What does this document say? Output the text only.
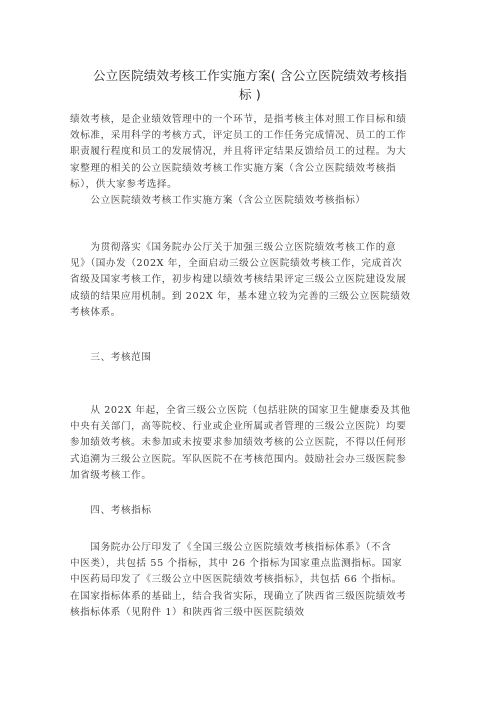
公立医院绩效考核工作实施方案( 含公立医院绩效考核指
标 )
绩效考核，是企业绩效管理中的一个环节，是指考核主体对照工作目标和绩
效标准，采用科学的考核方式，评定员工的工作任务完成情况、员工的工作
职责履行程度和员工的发展情况，并且将评定结果反馈给员工的过程。为大
家整理的相关的公立医院绩效考核工作实施方案（含公立医院绩效考核指
标），供大家参考选择。
　　公立医院绩效考核工作实施方案（含公立医院绩效考核指标）
　　为贯彻落实《国务院办公厅关于加强三级公立医院绩效考核工作的意
见》（国办发（202X 年，全面启动三级公立医院绩效考核工作，完成首次
省级及国家考核工作，初步构建以绩效考核结果评定三级公立医院建设发展
成绩的结果应用机制。到 202X 年，基本建立较为完善的三级公立医院绩效
考核体系。
　　三、考核范围
　　从 202X 年起，全省三级公立医院（包括驻陕的国家卫生健康委及其他
中央有关部门，高等院校、行业或企业所属或者管理的三级公立医院）均要
参加绩效考核。未参加或未按要求参加绩效考核的公立医院，不得以任何形
式追溯为三级公立医院。军队医院不在考核范围内。鼓励社会办三级医院参
加省级考核工作。
　　四、考核指标
　　国务院办公厅印发了《全国三级公立医院绩效考核指标体系》（不含
中医类），共包括 55 个指标，其中 26 个指标为国家重点监测指标。国家
中医药局印发了《三级公立中医医院绩效考核指标》，共包括 66 个指标。
在国家指标体系的基础上，结合我省实际，现确立了陕西省三级医院绩效考
核指标体系（见附件 1）和陕西省三级中医医院绩效
